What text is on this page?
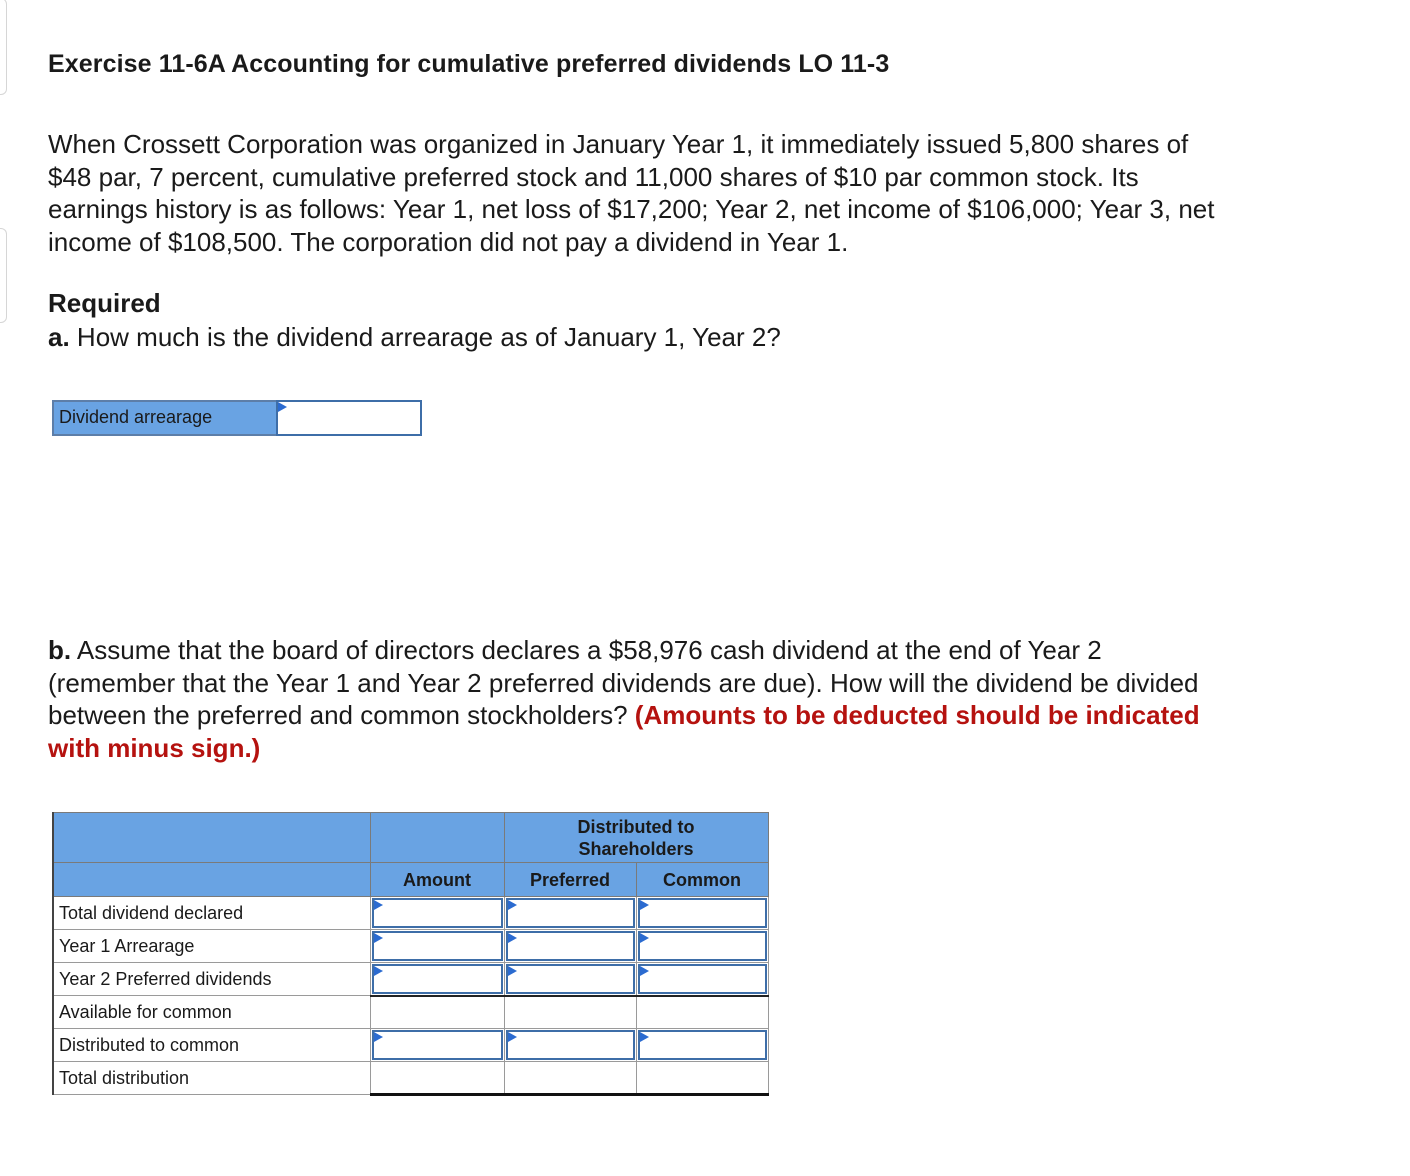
Exercise 11-6A Accounting for cumulative preferred dividends LO 11-3
When Crossett Corporation was organized in January Year 1, it immediately issued 5,800 shares of
$48 par, 7 percent, cumulative preferred stock and 11,000 shares of $10 par common stock. Its
earnings history is as follows: Year 1, net loss of $17,200; Year 2, net income of $106,000; Year 3, net
income of $108,500. The corporation did not pay a dividend in Year 1.
Required
a. How much is the dividend arrearage as of January 1, Year 2?
Dividend arrearage
b. Assume that the board of directors declares a $58,976 cash dividend at the end of Year 2
(remember that the Year 1 and Year 2 preferred dividends are due). How will the dividend be divided
between the preferred and common stockholders? (Amounts to be deducted should be indicated
with minus sign.)

		Distributed to
Shareholders	

	Amount	Preferred	Common
Total dividend declared	

Year 1 Arrearage	

Year 2 Preferred dividends	

Available for common			
Distributed to common	

Total distribution			
